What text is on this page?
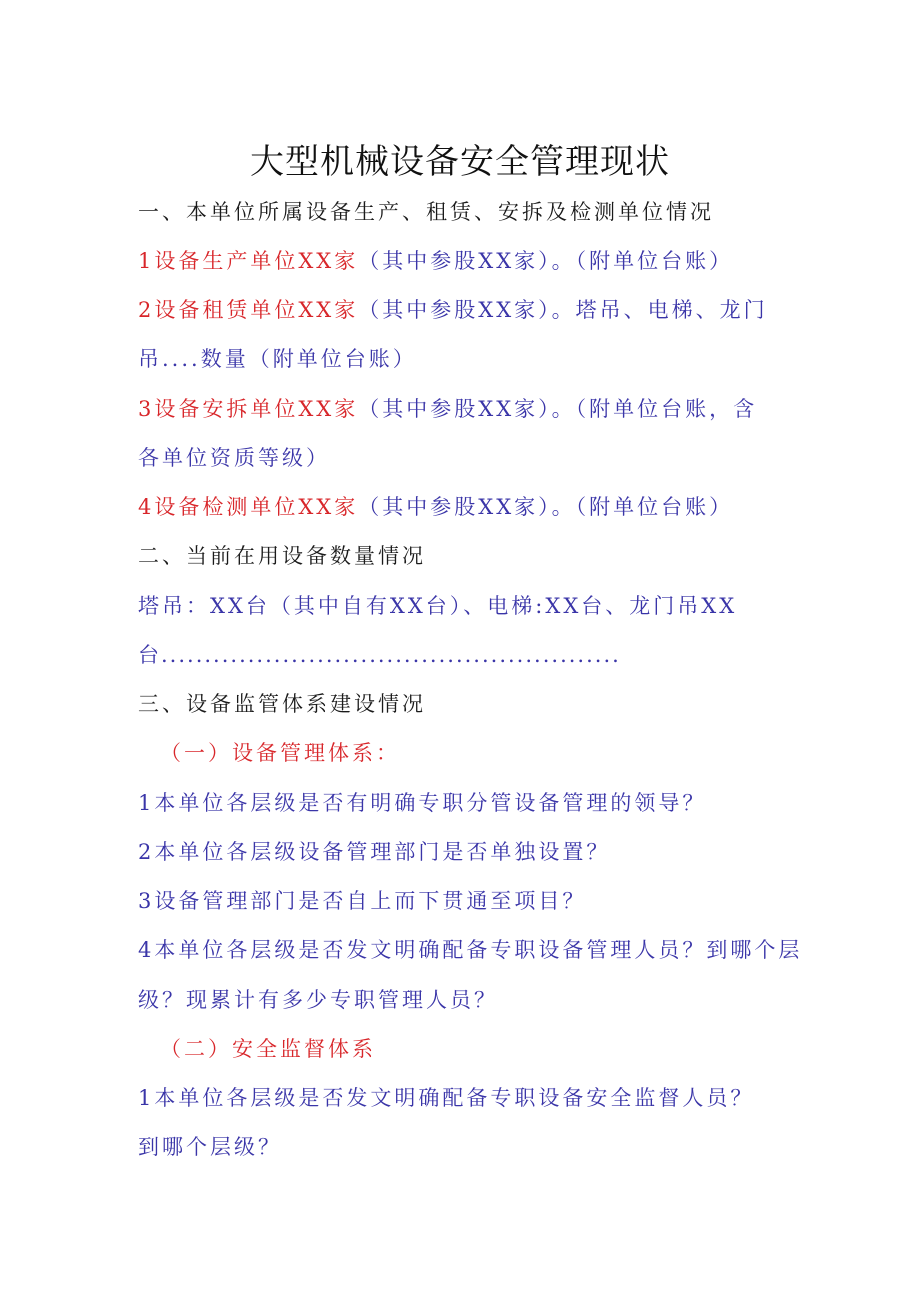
大型机械设备安全管理现状
一、本单位所属设备生产、租赁、安拆及检测单位情况
1设备生产单位XX家（其中参股XX家）。（附单位台账）
2设备租赁单位XX家（其中参股XX家）。塔吊、电梯、龙门
吊....数量（附单位台账）
3设备安拆单位XX家（其中参股XX家）。（附单位台账，含
各单位资质等级）
4设备检测单位XX家（其中参股XX家）。（附单位台账）
二、当前在用设备数量情况
塔吊：XX台（其中自有XX台）、电梯:XX台、龙门吊XX
台.....................................................
三、设备监管体系建设情况
（一）设备管理体系：
1本单位各层级是否有明确专职分管设备管理的领导？
2本单位各层级设备管理部门是否单独设置？
3设备管理部门是否自上而下贯通至项目？
4本单位各层级是否发文明确配备专职设备管理人员？到哪个层
级？现累计有多少专职管理人员？
（二）安全监督体系
1本单位各层级是否发文明确配备专职设备安全监督人员？
到哪个层级？
